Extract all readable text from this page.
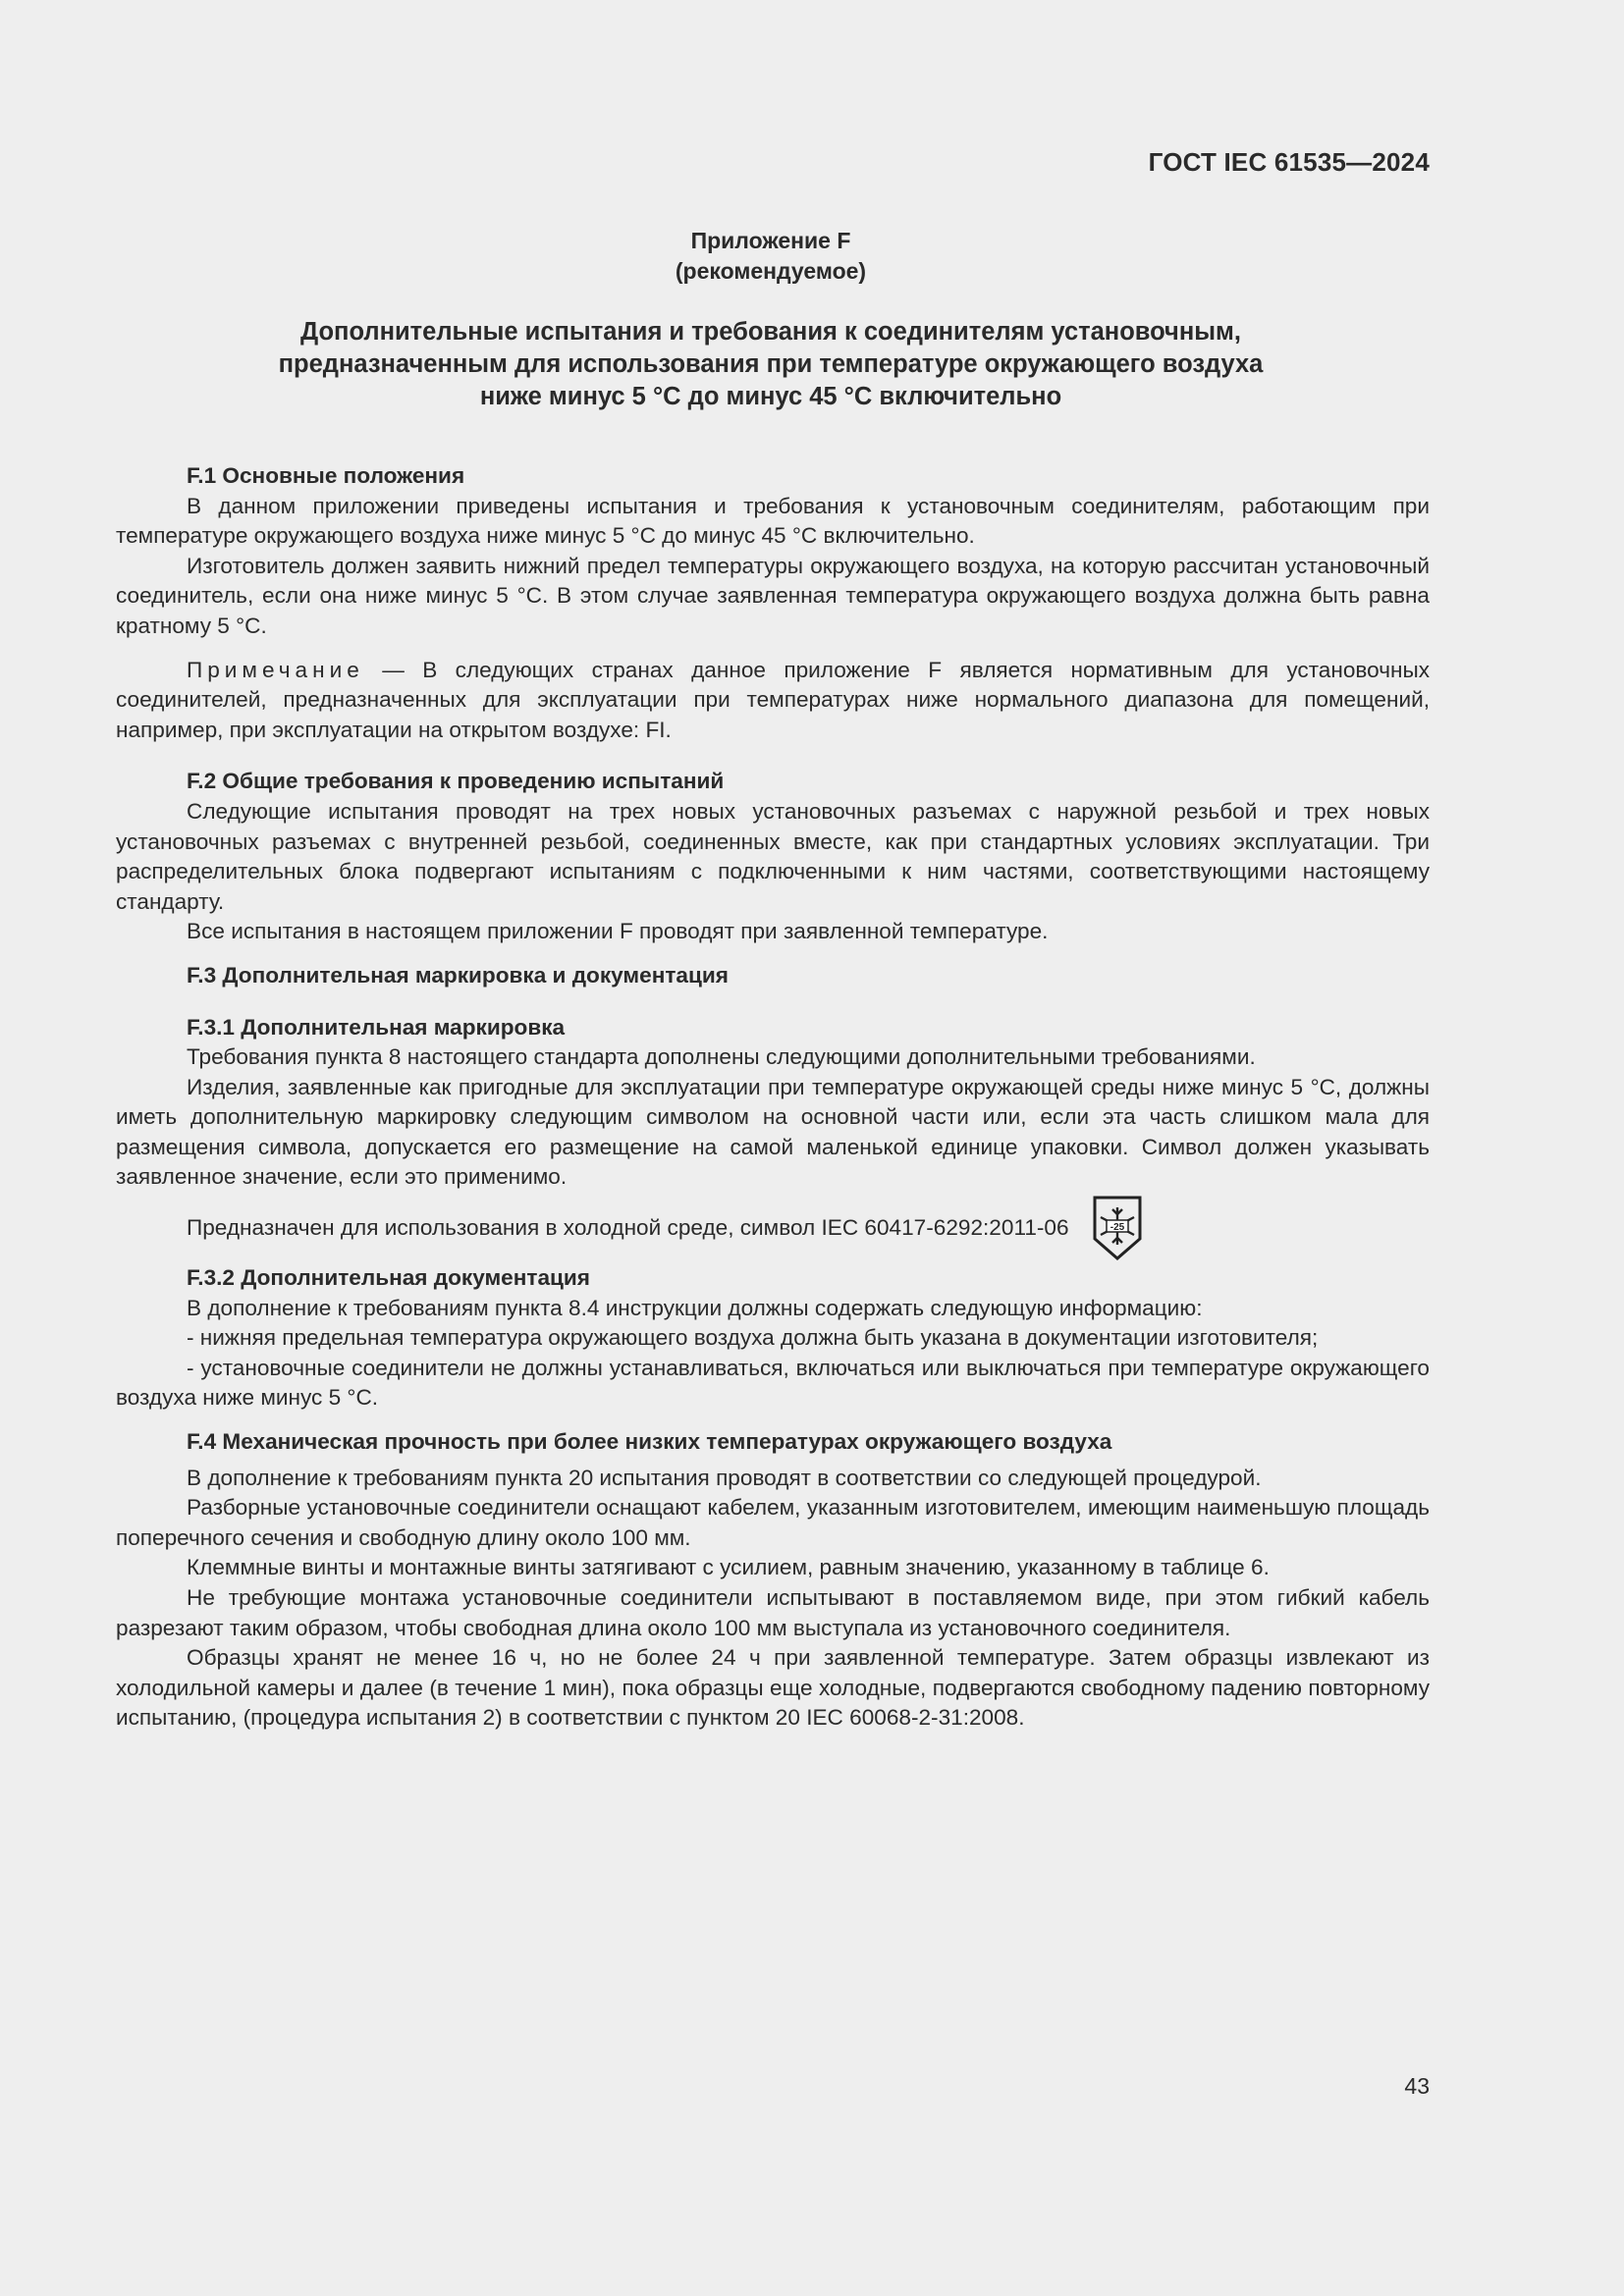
ГОСТ IEC 61535—2024
Приложение F
(рекомендуемое)
Дополнительные испытания и требования к соединителям установочным,
предназначенным для использования при температуре окружающего воздуха
ниже минус 5 °C до минус 45 °C включительно
F.1 Основные положения

В данном приложении приведены испытания и требования к установочным соединителям, работающим при температуре окружающего воздуха ниже минус 5 °C до минус 45 °C включительно.

Изготовитель должен заявить нижний предел температуры окружающего воздуха, на которую рассчитан установочный соединитель, если она ниже минус 5 °C. В этом случае заявленная температура окружающего воздуха должна быть равна кратному 5 °C.

Примечание — В следующих странах данное приложение F является нормативным для установочных соединителей, предназначенных для эксплуатации при температурах ниже нормального диапазона для помещений, например, при эксплуатации на открытом воздухе: FI.

F.2 Общие требования к проведению испытаний

Следующие испытания проводят на трех новых установочных разъемах с наружной резьбой и трех новых установочных разъемах с внутренней резьбой, соединенных вместе, как при стандартных условиях эксплуатации. Три распределительных блока подвергают испытаниям с подключенными к ним частями, соответствующими настоящему стандарту.

Все испытания в настоящем приложении F проводят при заявленной температуре.

F.3 Дополнительная маркировка и документация
F.3.1 Дополнительная маркировка

Требования пункта 8 настоящего стандарта дополнены следующими дополнительными требованиями.

Изделия, заявленные как пригодные для эксплуатации при температуре окружающей среды ниже минус 5 °C, должны иметь дополнительную маркировку следующим символом на основной части или, если эта часть слишком мала для размещения символа, допускается его размещение на самой маленькой единице упаковки. Символ должен указывать заявленное значение, если это применимо.

Предназначен для использования в холодной среде, символ IEC 60417-6292:2011-06	-25
F.3.2 Дополнительная документация

В дополнение к требованиям пункта 8.4 инструкции должны содержать следующую информацию:

- нижняя предельная температура окружающего воздуха должна быть указана в документации изготовителя;

- установочные соединители не должны устанавливаться, включаться или выключаться при температуре окружающего воздуха ниже минус 5 °C.

F.4 Механическая прочность при более низких температурах окружающего воздуха

В дополнение к требованиям пункта 20 испытания проводят в соответствии со следующей процедурой.

Разборные установочные соединители оснащают кабелем, указанным изготовителем, имеющим наименьшую площадь поперечного сечения и свободную длину около 100 мм.

Клеммные винты и монтажные винты затягивают с усилием, равным значению, указанному в таблице 6.

Не требующие монтажа установочные соединители испытывают в поставляемом виде, при этом гибкий кабель разрезают таким образом, чтобы свободная длина около 100 мм выступала из установочного соединителя.

Образцы хранят не менее 16 ч, но не более 24 ч при заявленной температуре. Затем образцы извлекают из холодильной камеры и далее (в течение 1 мин), пока образцы еще холодные, подвергаются свободному падению повторному испытанию, (процедура испытания 2) в соответствии с пунктом 20 IEC 60068-2-31:2008.

43
